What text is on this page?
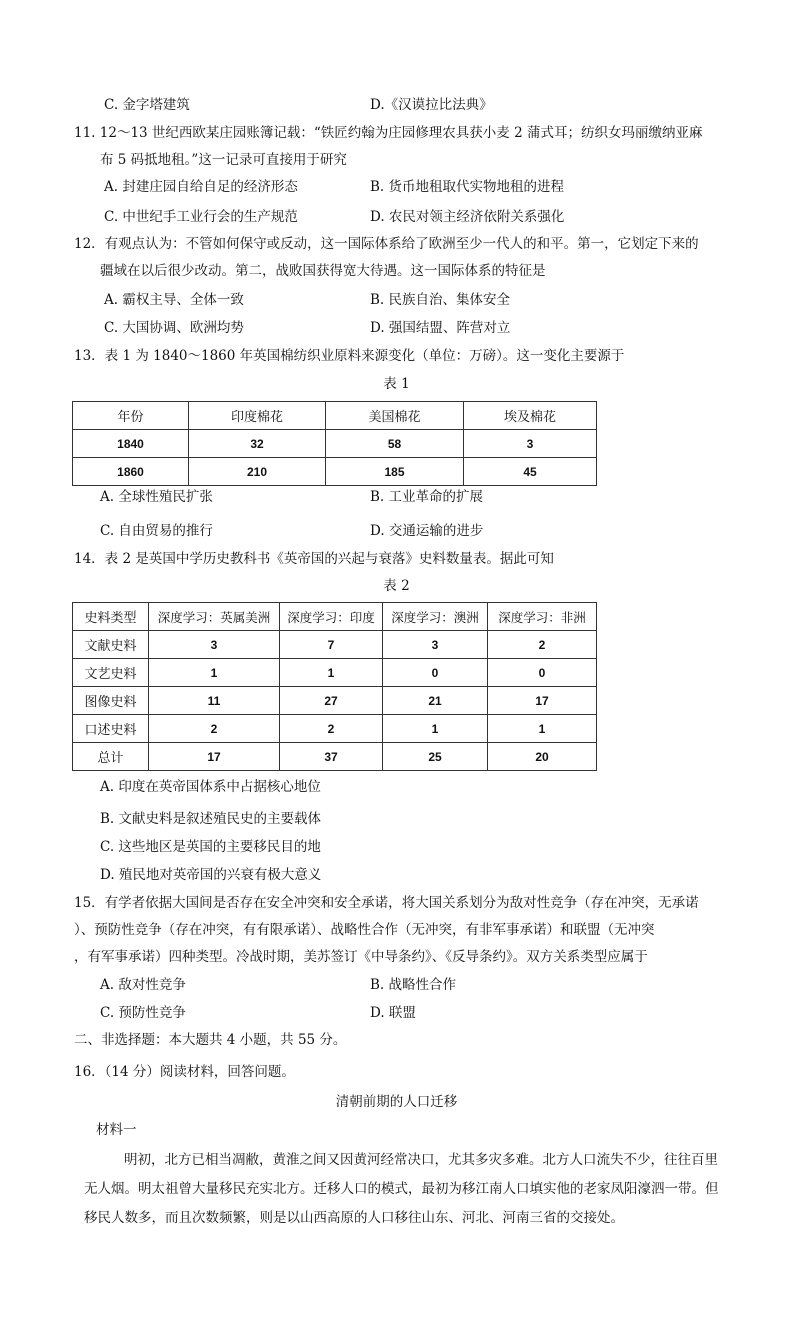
C. 金字塔建筑	D.《汉谟拉比法典》
11. 12～13 世纪西欧某庄园账簿记载：“铁匠约翰为庄园修理农具获小麦 2 蒲式耳；纺织女玛丽缴纳亚麻
布 5 码抵地租。”这一记录可直接用于研究
A. 封建庄园自给自足的经济形态	B. 货币地租取代实物地租的进程
C. 中世纪手工业行会的生产规范	D. 农民对领主经济依附关系强化
12．有观点认为：不管如何保守或反动，这一国际体系给了欧洲至少一代人的和平。第一，它划定下来的
疆域在以后很少改动。第二，战败国获得宽大待遇。这一国际体系的特征是
A. 霸权主导、全体一致	B. 民族自治、集体安全
C. 大国协调、欧洲均势	D. 强国结盟、阵营对立
13．表 1 为 1840～1860 年英国棉纺织业原料来源变化（单位：万磅）。这一变化主要源于
表 1
年份	印度棉花	美国棉花	埃及棉花
1840	32	58	3
1860	210	185	45
A. 全球性殖民扩张	B. 工业革命的扩展
C. 自由贸易的推行	D. 交通运输的进步
14．表 2 是英国中学历史教科书《英帝国的兴起与衰落》史料数量表。据此可知
表 2
史料类型	深度学习：英属美洲	深度学习：印度	深度学习：澳洲	深度学习：非洲
文献史料	3	7	3	2
文艺史料	1	1	0	0
图像史料	11	27	21	17
口述史料	2	2	1	1
总计	17	37	25	20
A. 印度在英帝国体系中占据核心地位
B. 文献史料是叙述殖民史的主要载体
C. 这些地区是英国的主要移民目的地
D. 殖民地对英帝国的兴衰有极大意义
15．有学者依据大国间是否存在安全冲突和安全承诺，将大国关系划分为敌对性竞争（存在冲突，无承诺
）、预防性竞争（存在冲突，有有限承诺）、战略性合作（无冲突，有非军事承诺）和联盟（无冲突
，有军事承诺）四种类型。冷战时期，美苏签订《中导条约》、《反导条约》。双方关系类型应属于
A. 敌对性竞争	B. 战略性合作
C. 预防性竞争	D. 联盟
二、非选择题：本大题共 4 小题，共 55 分。
16．（14 分）阅读材料，回答问题。
清朝前期的人口迁移
材料一
明初，北方已相当凋敝，黄淮之间又因黄河经常决口，尤其多灾多难。北方人口流失不少，往往百里无人烟。明太祖曾大量移民充实北方。迁移人口的模式，最初为移江南人口填实他的老家凤阳濠泗一带。但移民人数多，而且次数频繁，则是以山西高原的人口移往山东、河北、河南三省的交接处。
